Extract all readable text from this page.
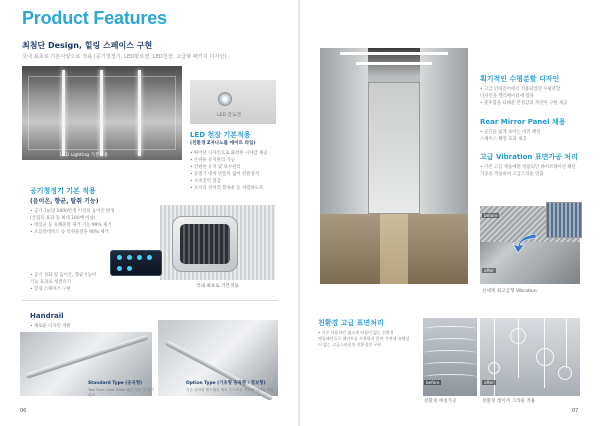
Product Features
최첨단 Design, 힐링 스페이스 구현
국내 최초로 기본사양으로 적용 (공기청정기, LED할로겐, LED천장, 고급형 패키지 디자인)
LED Lighting 기본적용
LED 할로겐
LED 천장 기본적용
(친환경 Z자나노를 에이트 타입)
• 뛰어난 디자인으로 화려한 시야감 제공
• 손쉬운 유지관리 가능
• 간편한 유지 및 보수관리
• 동절기 대비 빈틈이 없어 친환경적
• 소비전력 절감
• 모서리 전처리 할쉬운 등 저렴하도록
공기청정기 기본 적용
(음이온, 향균, 탈취 기능)
• 공기 1㎥당 1000만개 이상의 음이온 발생
(산림욕 효과 등 최대 100배 이상)
• 대장균 등 유해물질 제거 기능 99% 제거
• 포름알데히드 등 악취물질을 90% 제거
• 공기 정화 및 음이온, 향균기능이
기능 효과로 청결유지
• 힐링 스페이스 구현
국내 최초로 기본적용
Handrail
• 새로운 디자인 개발
Standard Type (송곡형)
Two Tone Color Steel 패턴 적용 및 처리 완료
Option Type (기초형 송곡형 / 장보형)
기존 일자형 핸드레일 대비 부드러운 곡선의 디자인 적용
06
획기적인 수평분할 디자인
• 고급 인테리어에서 적용되었던 수평분할
디자인을 엘리베이터에 접목
• 중후함을 더해준 안정감과 자연미 구현 제공
Rear Mirror Panel 채용
• 공간을 넓게 보이는 미러 패널
스페이스 확장 효과 제공
고급 Vibration 표면가공 처리
• 기존 고급 제품에만 적용되던 바이브레이션 패턴
가공을 적용하여 고급스러운 연출
before
after
신세계 최고급형 Vibration
친환경 고급 표면처리
• 기존 사용하던 염소계 약품이 없는 친환경
에칭패턴으로 페인트를 사용하지 않아 자연에 유해성
이 없는 고급스러움의 친환경성 구현
before	after
친환경 에칭가공	친환경 레이저 그라핑 적용
07
